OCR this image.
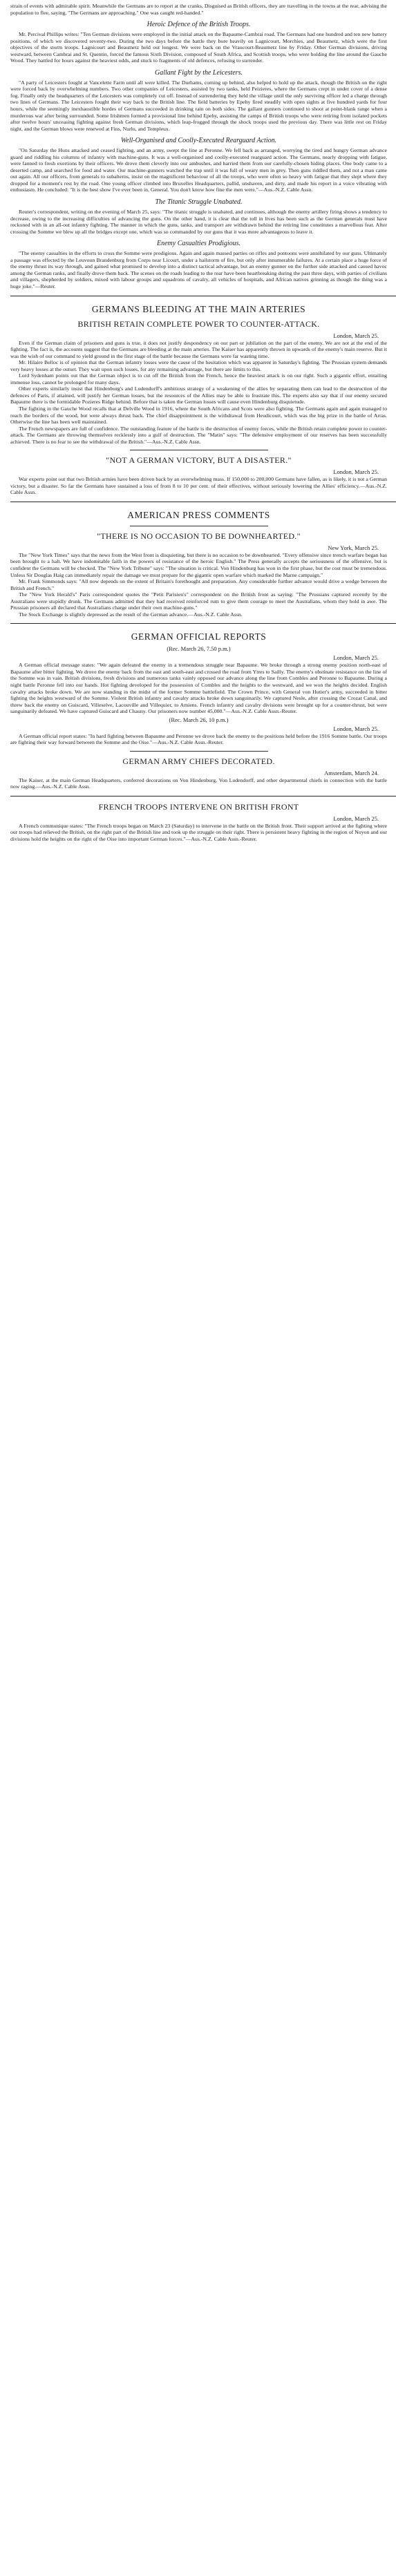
strain of events with admirable spirit. Meanwhile the Germans are to report at the cranks, Disguised as British officers, they are travelling in the towns at the rear, advising the population to flee, saying, "The Germans are approaching." One was caught red-handed."

Heroic Defence of the British Troops.

Mr. Percival Phillips writes: "Ten German divisions were employed in the initial attack on the Bapaume-Cambrai road. The Germans had one hundred and ten new battery positions, of which we discovered seventy-two. During the two days before the battle they bore heavily on Lagnicourt, Morchies, and Beaumetz, which were the first objectives of the storm troops. Lagnicourt and Beaumetz held out longest. We were back on the Vraucourt-Beaumetz line by Friday. Other German divisions, driving westward, between Cambrai and St. Quentin, forced the famous Sixth Division, composed of South Africa, and Scottish troops, who were holding the line around the Gauche Wood. They battled for hours against the heaviest odds, and stuck to fragments of old defences, refusing to surrender.

Gallant Fight by the Leicesters.

"A party of Leicesters fought at Vancelette Farm until all were killed. The Durhams, coming up behind, also helped to hold up the attack, though the British on the right were forced back by overwhelming numbers. Two other companies of Leicesters, assisted by two tanks, held Peizieres, where the Germans crept in under cover of a dense fog. Finally only the headquarters of the Leicesters was completely cut off. Instead of surrendering they held the village until the only surviving officer led a charge through two lines of Germans. The Leicesters fought their way back to the British line. The field batteries by Epehy fired steadily with open sights at five hundred yards for four hours, while the seemingly inexhaustible hordes of Germans succeeded in drinking rain on both sides. The gallant gunners continued to shoot at point-blank range when a murderous war after being surrounded. Some Irishmen formed a provisional line behind Epehy, assisting the camps of British troops who were retiring from isolated pockets after twelve hours' unceasing fighting against fresh German divisions, which leap-frogged through the shock troops used the previous day. There was little rest on Friday night, and the German blows were renewed at Fins, Nurlu, and Templeux.

Well-Organised and Coolly-Executed Rearguard Action.

"On Saturday the Huns attacked and ceased fighting, and an army, swept the line at Peronne. We fell back as arranged, worrying the tired and hungry German advance guard and riddling his columns of infantry with machine-guns. It was a well-organised and coolly-executed rearguard action. The Germans, nearly dropping with fatigue, were fanned to fresh exertions by their officers. We drove them cleverly into our ambushes, and harried them from our carefully-chosen hiding places. One body came to a deserted camp, and searched for food and water. Our machine-gunners watched the trap until it was full of weary men in grey. Then guns riddled them, and not a man came out again. All our officers, from generals to subalterns, insist on the magnificent behaviour of all the troops, who were often so heavy with fatigue that they slept where they dropped for a moment's rest by the road. One young officer climbed into Bruxelles Headquarters, pallid, unshaven, and dirty, and made his report in a voice vibrating with enthusiasm. He concluded: "It is the best show I've ever been in, General. You don't know how fine the men were."—Aus.-N.Z. Cable Assn.

The Titanic Struggle Unabated.

Reuter's correspondent, writing on the evening of March 25, says: "The titanic struggle is unabated, and continues, although the enemy artillery firing shows a tendency to decrease, owing to the increasing difficulties of advancing the guns. On the other hand, it is clear that the toll in lives has been such as the German generals must have reckoned with in an all-out infantry fighting. The manner in which the guns, tanks, and transport are withdrawn behind the retiring line constitutes a marvellous feat. After crossing the Somme we blew up all the bridges except one, which was so commanded by our guns that it was more advantageous to leave it.

Enemy Casualties Prodigious.

"The enemy casualties in the efforts to cross the Somme were prodigious. Again and again massed parties on rifles and pontoons were annihilated by our guns. Ultimately a passage was effected by the Leuvoun Brandenburg from Corps near Licourt, under a hailstorm of fire, but only after innumerable failures. At a certain place a huge force of the enemy thrust its way through, and gained what promised to develop into a distinct tactical advantage, but an enemy gunner on the further side attacked and caused havoc among the German ranks, and finally drove them back. The scenes on the roads leading to the rear have been heartbreaking during the past three days, with parties of civilians and villagers, shepherded by soldiers, mixed with labour groups and squadrons of cavalry, all vehicles of hospitals, and African natives grinning as though the thing was a huge joke."—Reuter.

GERMANS BLEEDING AT THE MAIN ARTERIES
BRITISH RETAIN COMPLETE POWER TO COUNTER-ATTACK.
London, March 25.

Even if the German claim of prisoners and guns is true, it does not justify despondency on our part or jubilation on the part of the enemy. We are not at the end of the fighting. The fact is, the accounts suggest that the Germans are bleeding at the main arteries. The Kaiser has apparently thrown in upwards of the enemy's main reserve. But it was the wish of our command to yield ground in the first stage of the battle because the Germans were far wasting time.

Mr. Hilaire Belloc is of opinion that the German infantry losses were the cause of the hesitation which was apparent in Saturday's fighting. The Prussian system demands very heavy losses at the outset. They wait upon such losses, for any remaining advantage, but there are limits to this.

Lord Sydenham points out that the German object is to cut off the British from the French, hence the heaviest attack is on our right. Such a gigantic effort, entailing immense loss, cannot be prolonged for many days.

Other experts similarly insist that Hindenburg's and Ludendorff's ambitious strategy of a weakening of the allies by separating them can lead to the destruction of the defences of Paris, if attained, will justify her German losses, but the resources of the Allies may be able to frustrate this. The experts also say that if our enemy secured Bapaume there is the formidable Pozieres Ridge behind. Before that is taken the German losses will cause even Hindenburg disquietude.

The fighting in the Gauche Wood recalls that at Delville Wood in 1916, where the South Africans and Scots were also fighting. The Germans again and again managed to reach the borders of the wood, but were always thrust back. The chief disappointment is the withdrawal from Heudicourt, which was the big prize in the battle of Arras. Otherwise the line has been well maintained.

The French newspapers are full of confidence. The outstanding feature of the battle is the destruction of enemy forces, while the British retain complete power to counter-attack. The Germans are throwing themselves recklessly into a gulf of destruction. The "Matin" says: "The defensive employment of our reserves has been successfully achieved. There is no fear to see the withdrawal of the British."—Aus.-N.Z. Cable Assn.

"NOT A GERMAN VICTORY, BUT A DISASTER."
London, March 25.

War experts point out that two British armies have been driven back by an overwhelming mass. If 150,000 to 200,000 Germans have fallen, as is likely, it is not a German victory, but a disaster. So far the Germans have sustained a loss of from 8 to 10 per cent. of their effectives, without seriously lowering the Allies' efficiency.—Aus.-N.Z. Cable Assn.

AMERICAN PRESS COMMENTS
"THERE IS NO OCCASION TO BE DOWNHEARTED."
New York, March 25.

The "New York Times" says that the news from the West front is disquieting, but there is no occasion to be downhearted. "Every offensive since trench warfare began has been brought to a halt. We have indomitable faith in the powers of resistance of the heroic English." The Press generally accepts the seriousness of the offensive, but is confident the Germans will be checked. The "New York Tribune" says: "The situation is critical. Von Hindenburg has won in the first phase, but the cost must be tremendous. Unless Sir Douglas Haig can immediately repair the damage we must prepare for the gigantic open warfare which marked the Marne campaign."

Mr. Frank Simmonds says: "All now depends on the extent of Britain's forethought and preparation. Any considerable further advance would drive a wedge between the British and French."

The "New York Herald's" Paris correspondent quotes the "Petit Parisien's" correspondent on the British front as saying: "The Prussians captured recently by the Australians were stupidly drunk. The Germans admitted that they had received reinforced rum to give them courage to meet the Australians, whom they hold in awe. The Prussian prisoners all declared that Australians charge under their own machine-guns."

The Stock Exchange is slightly depressed as the result of the German advance.—Aus.-N.Z. Cable Assn.

GERMAN OFFICIAL REPORTS
(Rec. March 26, 7.50 p.m.)
London, March 25.

A German official message states: "We again defeated the enemy in a tremendous struggle near Bapaume. We broke through a strong enemy position north-east of Bapaume after bitter fighting. We drove the enemy back from the east and south-east and crossed the road from Ytres to Sailly. The enemy's obstinate resistance on the line of the Somme was in vain. British divisions, fresh divisions and numerous tanks vainly opposed our advance along the line from Combles and Peronne to Bapaume. During a night battle Peronne fell into our hands. Hot fighting developed for the possession of Combles and the heights to the westward, and we won the heights decided. English cavalry attacks broke down. We are now standing in the midst of the former Somme battlefield. The Crown Prince, with General von Hutier's army, succeeded in bitter fighting the heights westward of the Somme. Violent British infantry and cavalry attacks broke down sanguinarily. We captured Nesle, after crossing the Crozat Canal, and threw back the enemy on Guiscard, Villeselve, Lacouville and Villequier, to Amiens. French infantry and cavalry divisions were brought up for a counter-thrust, but were sanguinarily defeated. We have captured Guiscard and Chauny. Our prisoners now number 45,000."—Aus.-N.Z. Cable Assn.-Reuter.

(Rec. March 26, 10 p.m.)
London, March 25.

A German official report states: "In hard fighting between Bapaume and Peronne we drove back the enemy to the positions held before the 1916 Somme battle. Our troops are fighting their way forward between the Somme and the Oise."—Aus.-N.Z. Cable Assn.-Reuter.

GERMAN ARMY CHIEFS DECORATED.
Amsterdam, March 24.

The Kaiser, at the main German Headquarters, conferred decorations on Von Hindenburg, Von Ludendorff, and other departmental chiefs in connection with the battle now raging.—Aus.-N.Z. Cable Assn.

FRENCH TROOPS INTERVENE ON BRITISH FRONT
London, March 25.

A French communique states: "The French troops began on March 23 (Saturday) to intervene in the battle on the British front. Their support arrived at the fighting where our troops had relieved the British, on the right part of the British line and took up the struggle on their right. There is persistent heavy fighting in the region of Noyon and our divisions hold the heights on the right of the Oise into important German forces."—Aus.-N.Z. Cable Assn.-Reuter.
